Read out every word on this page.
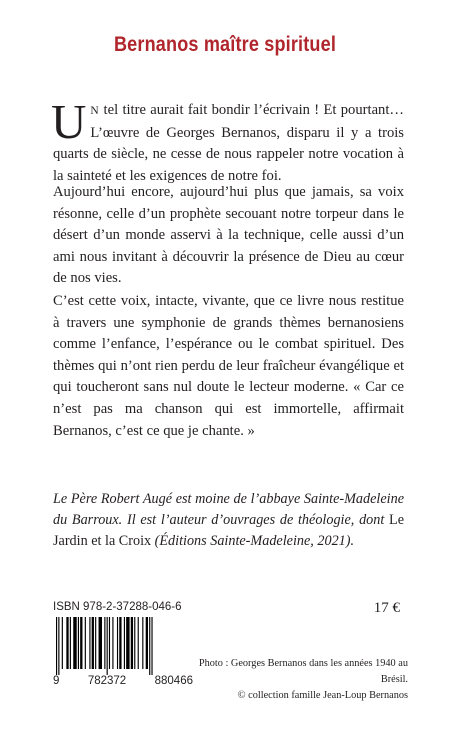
Bernanos maître spirituel

U N tel titre aurait fait bondir l’écrivain ! Et pourtant… L’œuvre de Georges Bernanos, disparu il y a trois quarts de siècle, ne cesse de nous rappeler notre vocation à la sainteté et les exigences de notre foi.

Aujourd’hui encore, aujourd’hui plus que jamais, sa voix résonne, celle d’un prophète secouant notre torpeur dans le désert d’un monde asservi à la technique, celle aussi d’un ami nous invitant à découvrir la présence de Dieu au cœur de nos vies.

C’est cette voix, intacte, vivante, que ce livre nous restitue à travers une symphonie de grands thèmes bernanosiens comme l’enfance, l’espérance ou le combat spirituel. Des thèmes qui n’ont rien perdu de leur fraîcheur évangélique et qui toucheront sans nul doute le lecteur moderne. « Car ce n’est pas ma chanson qui est immortelle, affirmait Bernanos, c’est ce que je chante. »

Le Père Robert Augé est moine de l’abbaye Sainte-Madeleine du Barroux. Il est l’auteur d’ouvrages de théologie, dont Le Jardin et la Croix (Éditions Sainte-Madeleine, 2021).
ISBN 978-2-37288-046-6	17 €
9 782372 880466
Photo : Georges Bernanos dans les années 1940 au Brésil.
© collection famille Jean-Loup Bernanos
